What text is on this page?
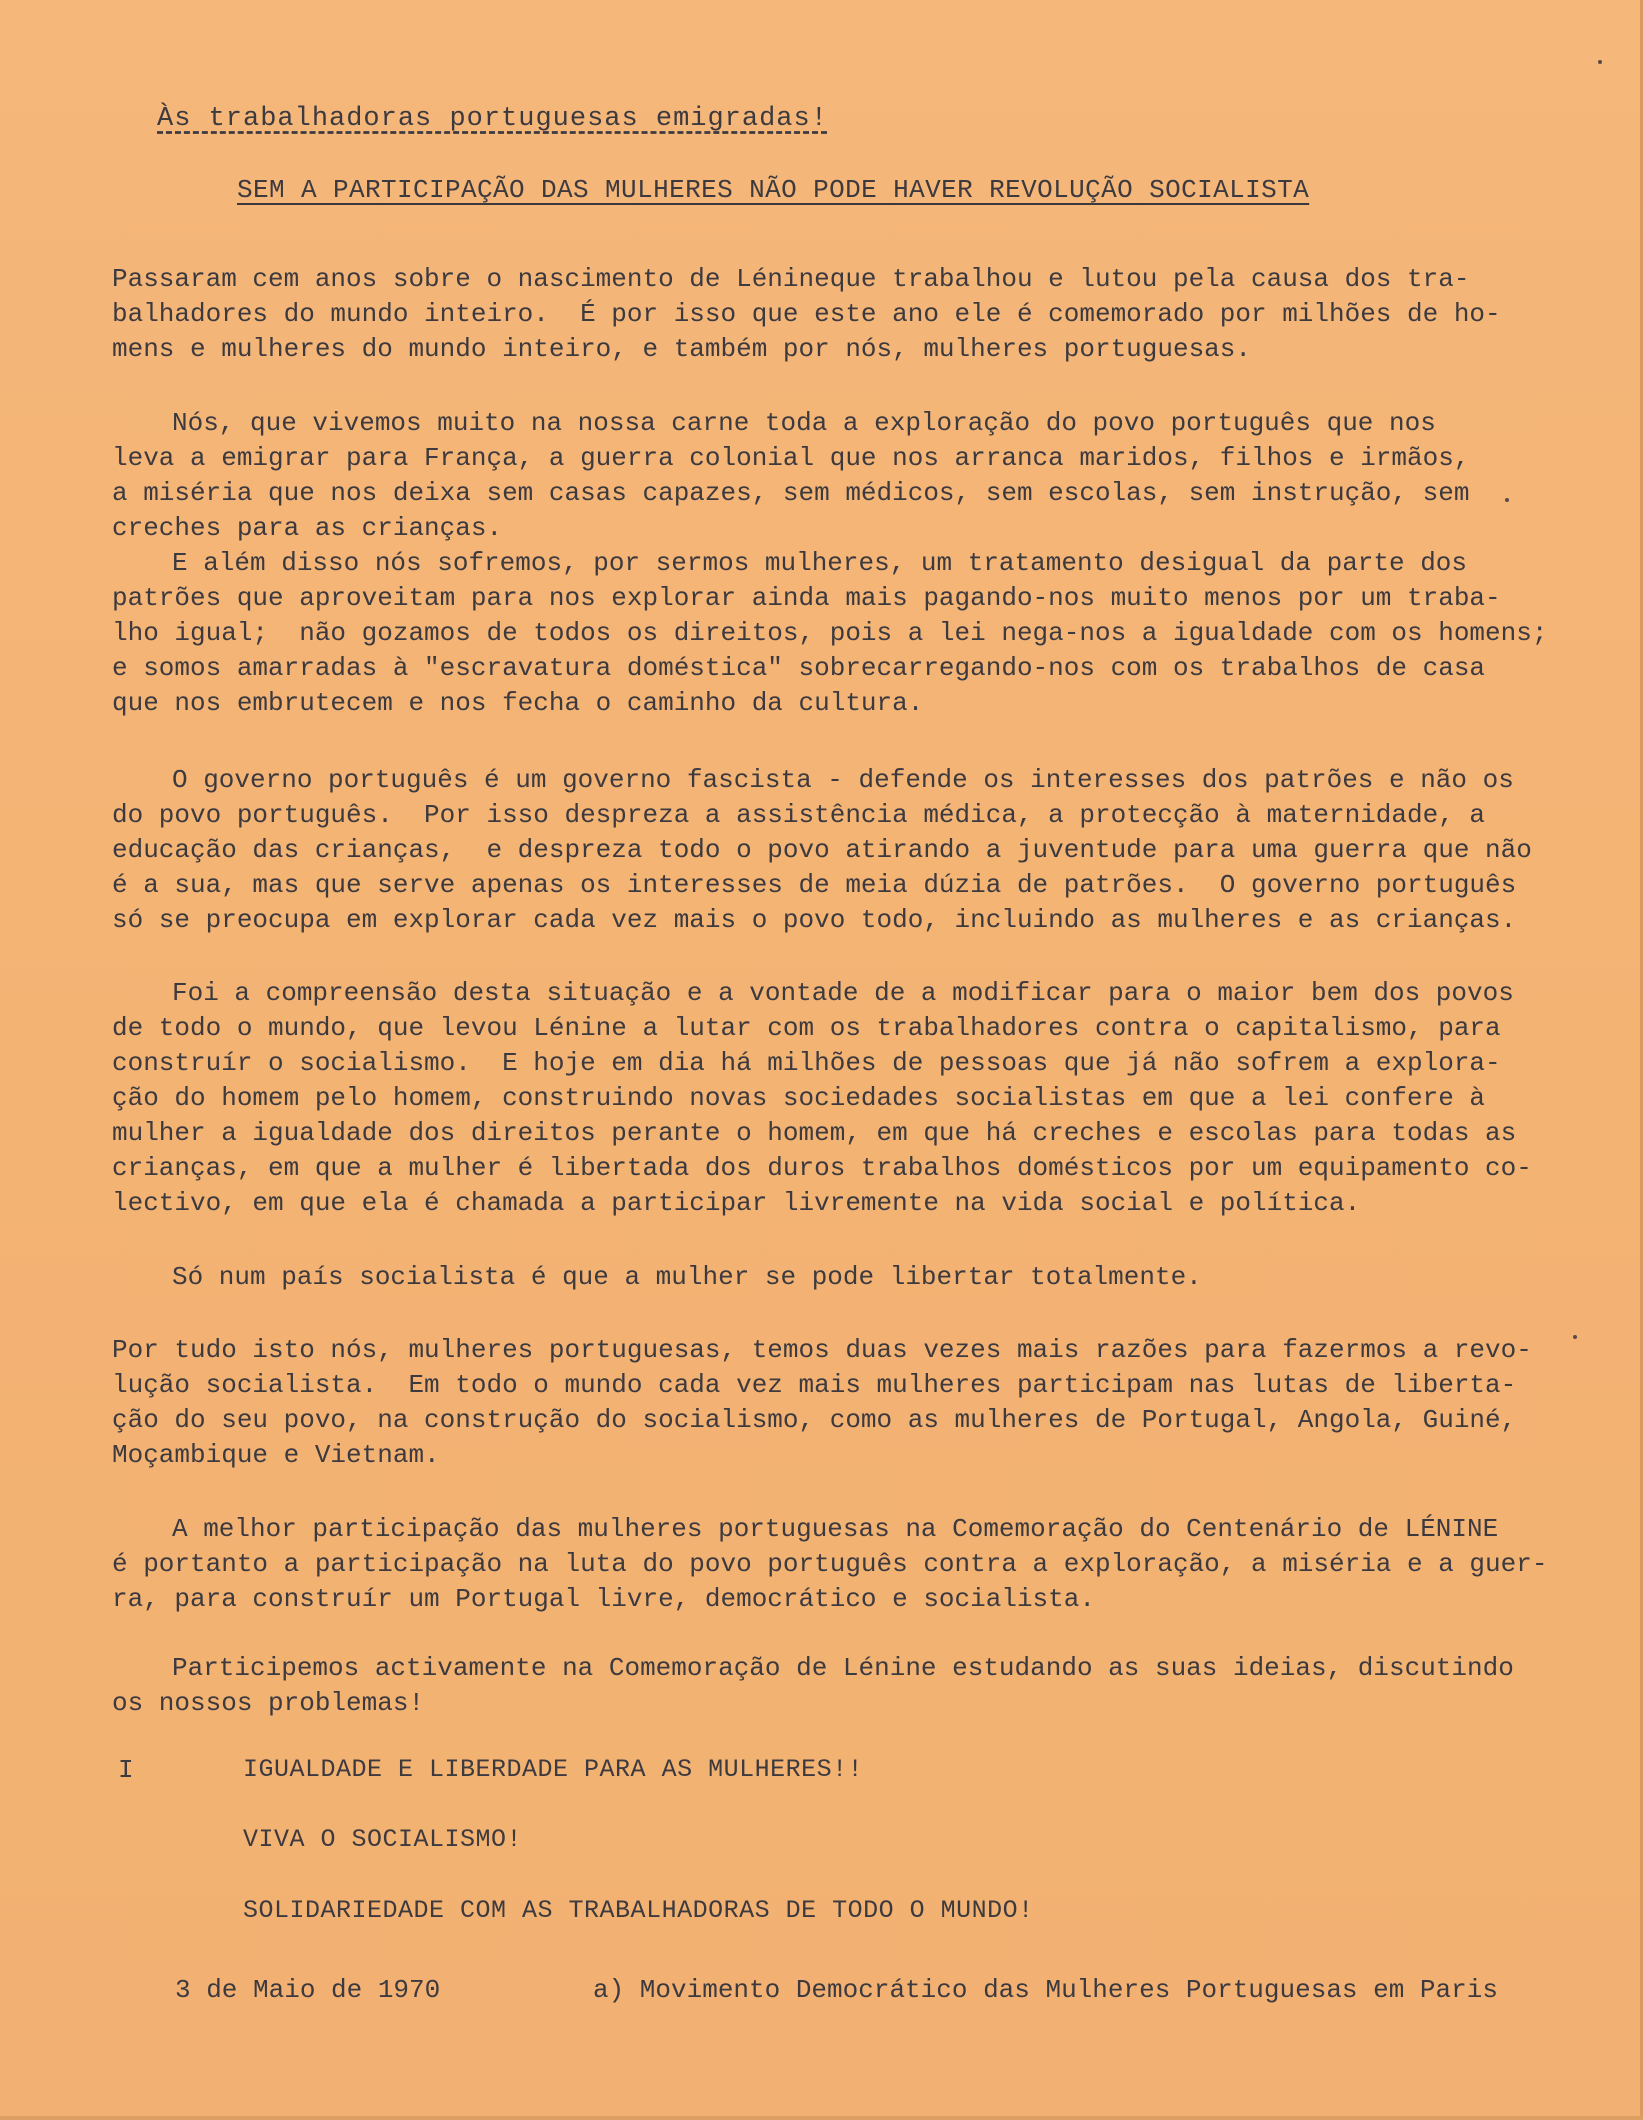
Às trabalhadoras portuguesas emigradas!
SEM A PARTICIPAÇÃO DAS MULHERES NÃO PODE HAVER REVOLUÇÃO SOCIALISTA
Passaram cem anos sobre o nascimento de Lénineque trabalhou e lutou pela causa dos tra-
balhadores do mundo inteiro.  É por isso que este ano ele é comemorado por milhões de ho-
mens e mulheres do mundo inteiro, e também por nós, mulheres portuguesas.
Nós, que vivemos muito na nossa carne toda a exploração do povo português que nos
leva a emigrar para França, a guerra colonial que nos arranca maridos, filhos e irmãos,
a miséria que nos deixa sem casas capazes, sem médicos, sem escolas, sem instrução, sem
creches para as crianças.
E além disso nós sofremos, por sermos mulheres, um tratamento desigual da parte dos
patrões que aproveitam para nos explorar ainda mais pagando-nos muito menos por um traba-
lho igual;  não gozamos de todos os direitos, pois a lei nega-nos a igualdade com os homens;
e somos amarradas à "escravatura doméstica" sobrecarregando-nos com os trabalhos de casa
que nos embrutecem e nos fecha o caminho da cultura.
O governo português é um governo fascista - defende os interesses dos patrões e não os
do povo português.  Por isso despreza a assistência médica, a protecção à maternidade, a
educação das crianças,  e despreza todo o povo atirando a juventude para uma guerra que não
é a sua, mas que serve apenas os interesses de meia dúzia de patrões.  O governo português
só se preocupa em explorar cada vez mais o povo todo, incluindo as mulheres e as crianças.
Foi a compreensão desta situação e a vontade de a modificar para o maior bem dos povos
de todo o mundo, que levou Lénine a lutar com os trabalhadores contra o capitalismo, para
construír o socialismo.  E hoje em dia há milhões de pessoas que já não sofrem a explora-
ção do homem pelo homem, construindo novas sociedades socialistas em que a lei confere à
mulher a igualdade dos direitos perante o homem, em que há creches e escolas para todas as
crianças, em que a mulher é libertada dos duros trabalhos domésticos por um equipamento co-
lectivo, em que ela é chamada a participar livremente na vida social e política.
Só num país socialista é que a mulher se pode libertar totalmente.
Por tudo isto nós, mulheres portuguesas, temos duas vezes mais razões para fazermos a revo-
lução socialista.  Em todo o mundo cada vez mais mulheres participam nas lutas de liberta-
ção do seu povo, na construção do socialismo, como as mulheres de Portugal, Angola, Guiné,
Moçambique e Vietnam.
A melhor participação das mulheres portuguesas na Comemoração do Centenário de LÉNINE
é portanto a participação na luta do povo português contra a exploração, a miséria e a guer-
ra, para construír um Portugal livre, democrático e socialista.
Participemos activamente na Comemoração de Lénine estudando as suas ideias, discutindo
os nossos problemas!
I	IGUALDADE E LIBERDADE PARA AS MULHERES!!
VIVA O SOCIALISMO!
SOLIDARIEDADE COM AS TRABALHADORAS DE TODO O MUNDO!
3 de Maio de 1970	a) Movimento Democrático das Mulheres Portuguesas em Paris
